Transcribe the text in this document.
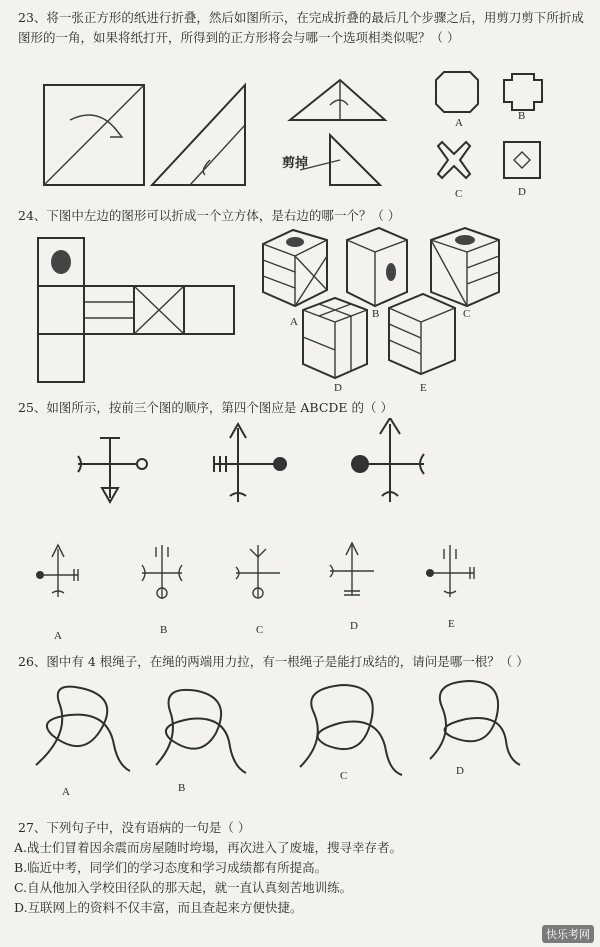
23、将一张正方形的纸进行折叠，然后如图所示，在完成折叠的最后几个步骤之后，用剪刀剪下所折成图形的一角，如果将纸打开，所得到的正方形将会与哪一个选项相类似呢？（ ）
剪掉
A
B
C	D
24、下图中左边的图形可以折成一个立方体，是右边的哪一个？（ ）
A
B	C
D	E
25、如图所示，按前三个图的顺序，第四个图应是 ABCDE 的（ ）
A	B	C	D	E
26、图中有 4 根绳子，在绳的两端用力拉，有一根绳子是能打成结的，请问是哪一根？（ ）
A	B
C	D
27、下列句子中，没有语病的一句是（ ）
A.战士们冒着因余震而房屋随时垮塌，再次进入了废墟，搜寻幸存者。
B.临近中考，同学们的学习态度和学习成绩都有所提高。
C.自从他加入学校田径队的那天起，就一直认真刻苦地训练。
D.互联网上的资料不仅丰富，而且查起来方便快捷。
快乐考网
